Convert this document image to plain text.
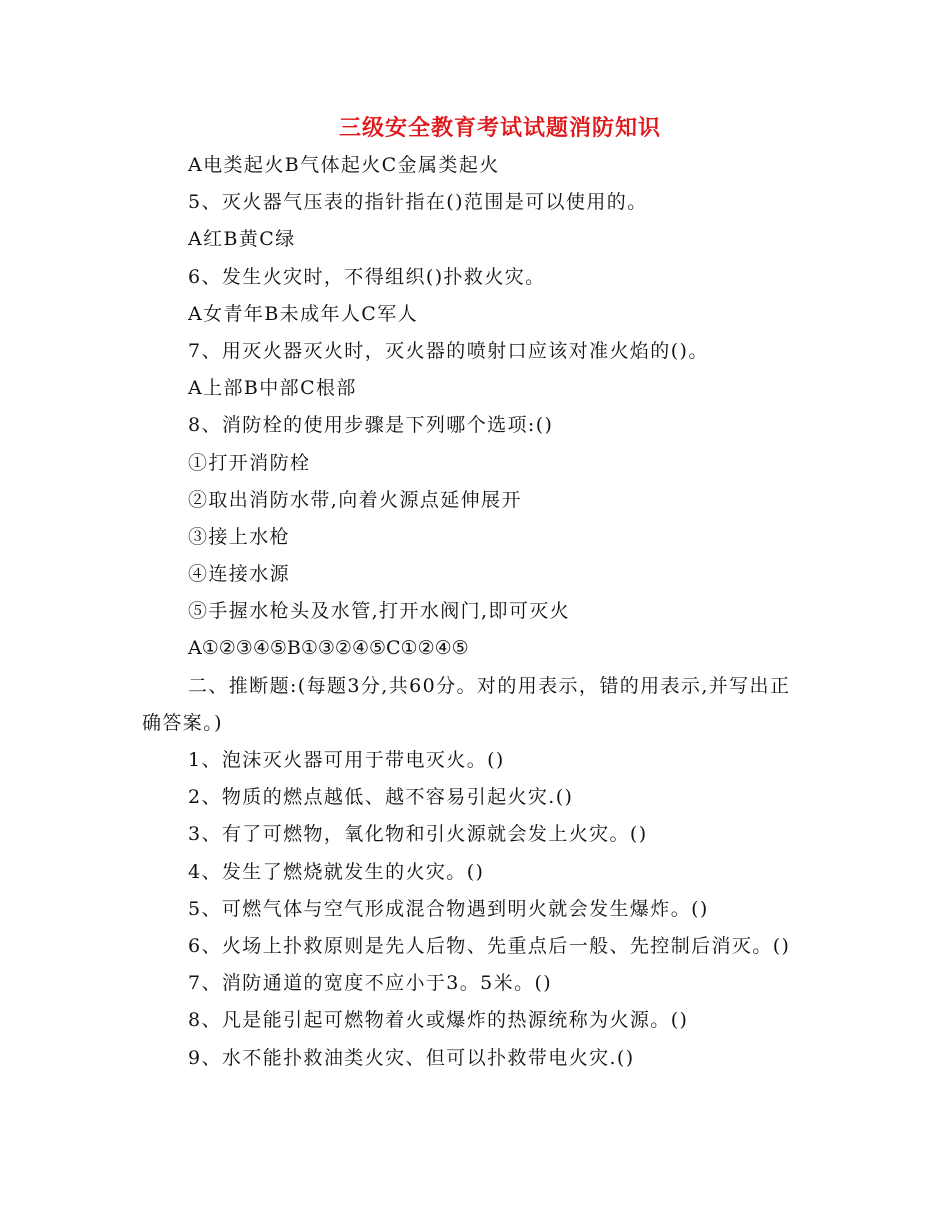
三级安全教育考试试题消防知识
A电类起火B气体起火C金属类起火
5、灭火器气压表的指针指在()范围是可以使用的。
A红B黄C绿
6、发生火灾时，不得组织()扑救火灾。
A女青年B未成年人C军人
7、用灭火器灭火时，灭火器的喷射口应该对准火焰的()。
A上部B中部C根部
8、消防栓的使用步骤是下列哪个选项:()
①打开消防栓
②取出消防水带,向着火源点延伸展开
③接上水枪
④连接水源
⑤手握水枪头及水管,打开水阀门,即可灭火
A①②③④⑤B①③②④⑤C①②④⑤
二、推断题:(每题3分,共60分。对的用表示，错的用表示,并写出正确答案。)
1、泡沫灭火器可用于带电灭火。()
2、物质的燃点越低、越不容易引起火灾.()
3、有了可燃物，氧化物和引火源就会发上火灾。()
4、发生了燃烧就发生的火灾。()
5、可燃气体与空气形成混合物遇到明火就会发生爆炸。()
6、火场上扑救原则是先人后物、先重点后一般、先控制后消灭。()
7、消防通道的宽度不应小于3。5米。()
8、凡是能引起可燃物着火或爆炸的热源统称为火源。()
9、水不能扑救油类火灾、但可以扑救带电火灾.()
